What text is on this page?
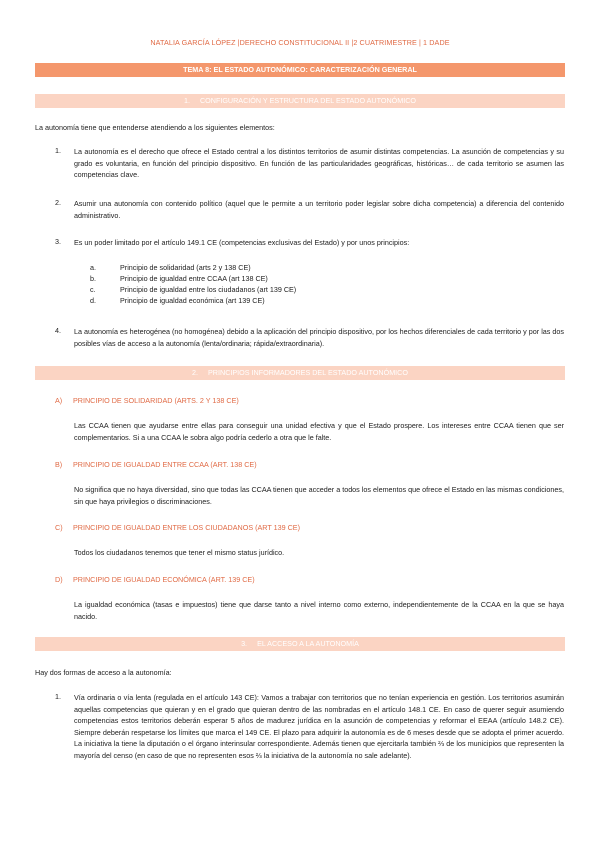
NATALIA GARCÍA LÓPEZ |DERECHO CONSTITUCIONAL II |2 CUATRIMESTRE | 1 DADE
TEMA 8: EL ESTADO AUTONÓMICO: CARACTERIZACIÓN GENERAL
1. CONFIGURACIÓN Y ESTRUCTURA DEL ESTADO AUTONÓMICO

La autonomía tiene que entenderse atendiendo a los siguientes elementos:

1. La autonomía es el derecho que ofrece el Estado central a los distintos territorios de asumir distintas competencias. La asunción de competencias y su grado es voluntaria, en función del principio dispositivo. En función de las particularidades geográficas, históricas… de cada territorio se asumen las competencias clave.

2. Asumir una autonomía con contenido político (aquel que le permite a un territorio poder legislar sobre dicha competencia) a diferencia del contenido administrativo.

3. Es un poder limitado por el artículo 149.1 CE (competencias exclusivas del Estado) y por unos principios:

a.	Principio de solidaridad (arts 2 y 138 CE)
b.	Principio de igualdad entre CCAA (art 138 CE)
c.	Principio de igualdad entre los ciudadanos (art 139 CE)
d.	Principio de igualdad económica (art 139 CE)
4. La autonomía es heterogénea (no homogénea) debido a la aplicación del principio dispositivo, por los hechos diferenciales de cada territorio y por las dos posibles vías de acceso a la autonomía (lenta/ordinaria; rápida/extraordinaria).

2. PRINCIPIOS INFORMADORES DEL ESTADO AUTONÓMICO
A) PRINCIPIO DE SOLIDARIDAD (ARTS. 2 Y 138 CE)

Las CCAA tienen que ayudarse entre ellas para conseguir una unidad efectiva y que el Estado prospere. Los intereses entre CCAA tienen que ser complementarios. Si a una CCAA le sobra algo podría cederlo a otra que le falte.

B) PRINCIPIO DE IGUALDAD ENTRE CCAA (ART. 138 CE)

No significa que no haya diversidad, sino que todas las CCAA tienen que acceder a todos los elementos que ofrece el Estado en las mismas condiciones, sin que haya privilegios o discriminaciones.

C) PRINCIPIO DE IGUALDAD ENTRE LOS CIUDADANOS (ART 139 CE)

Todos los ciudadanos tenemos que tener el mismo status jurídico.

D) PRINCIPIO DE IGUALDAD ECONÓMICA (ART. 139 CE)

La igualdad económica (tasas e impuestos) tiene que darse tanto a nivel interno como externo, independientemente de la CCAA en la que se haya nacido.

3. EL ACCESO A LA AUTONOMÍA

Hay dos formas de acceso a la autonomía:

1. Vía ordinaria o vía lenta (regulada en el artículo 143 CE): Vamos a trabajar con territorios que no tenían experiencia en gestión. Los territorios asumirán aquellas competencias que quieran y en el grado que quieran dentro de las nombradas en el artículo 148.1 CE. En caso de querer seguir asumiendo competencias estos territorios deberán esperar 5 años de madurez jurídica en la asunción de competencias y reformar el EEAA (artículo 148.2 CE). Siempre deberán respetarse los límites que marca el 149 CE. El plazo para adquirir la autonomía es de 6 meses desde que se adopta el primer acuerdo. La iniciativa la tiene la diputación o el órgano interinsular correspondiente. Además tienen que ejercitarla también ⅔ de los municipios que representen la mayoría del censo (en caso de que no representen esos ⅔ la iniciativa de la autonomía no sale adelante).
